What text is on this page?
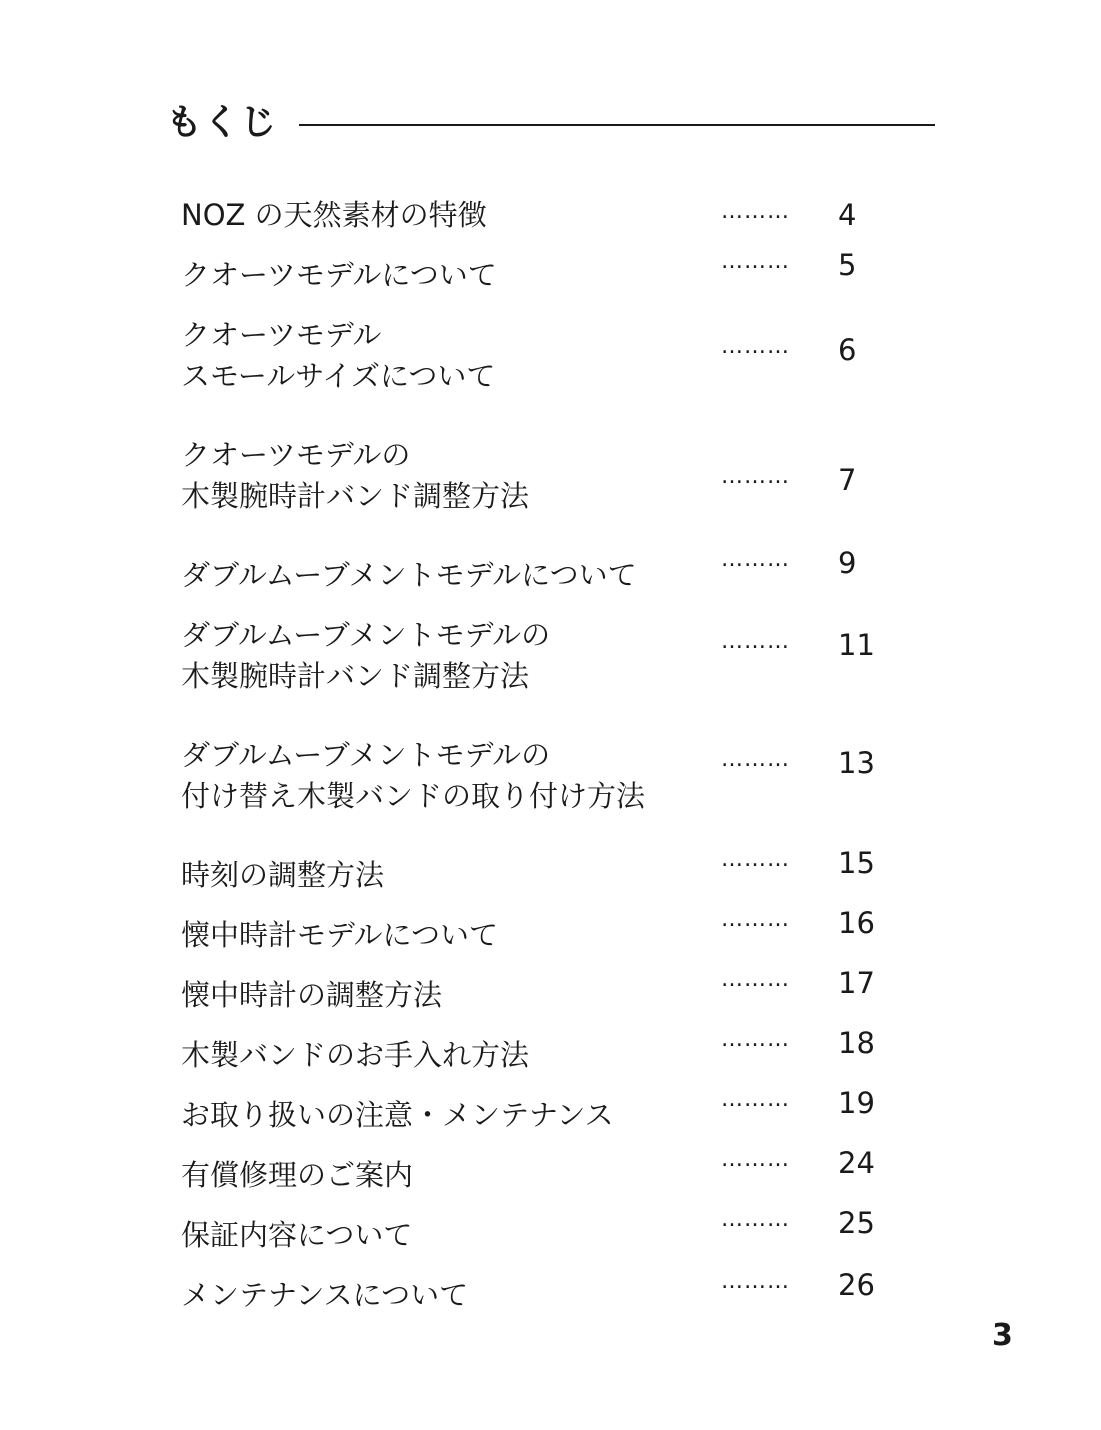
もくじ
NOZ の天然素材の特徴	……… 4
クオーツモデルについて	……… 5
クオーツモデル
スモールサイズについて
……… 6
クオーツモデルの
木製腕時計バンド調整方法
……… 7
ダブルムーブメントモデルについて	……… 9
ダブルムーブメントモデルの
木製腕時計バンド調整方法
……… 11
ダブルムーブメントモデルの
付け替え木製バンドの取り付け方法
……… 13
時刻の調整方法	……… 15
懐中時計モデルについて	……… 16
懐中時計の調整方法	……… 17
木製バンドのお手入れ方法	……… 18
お取り扱いの注意・メンテナンス	……… 19
有償修理のご案内	……… 24
保証内容について	……… 25
メンテナンスについて	……… 26
3
